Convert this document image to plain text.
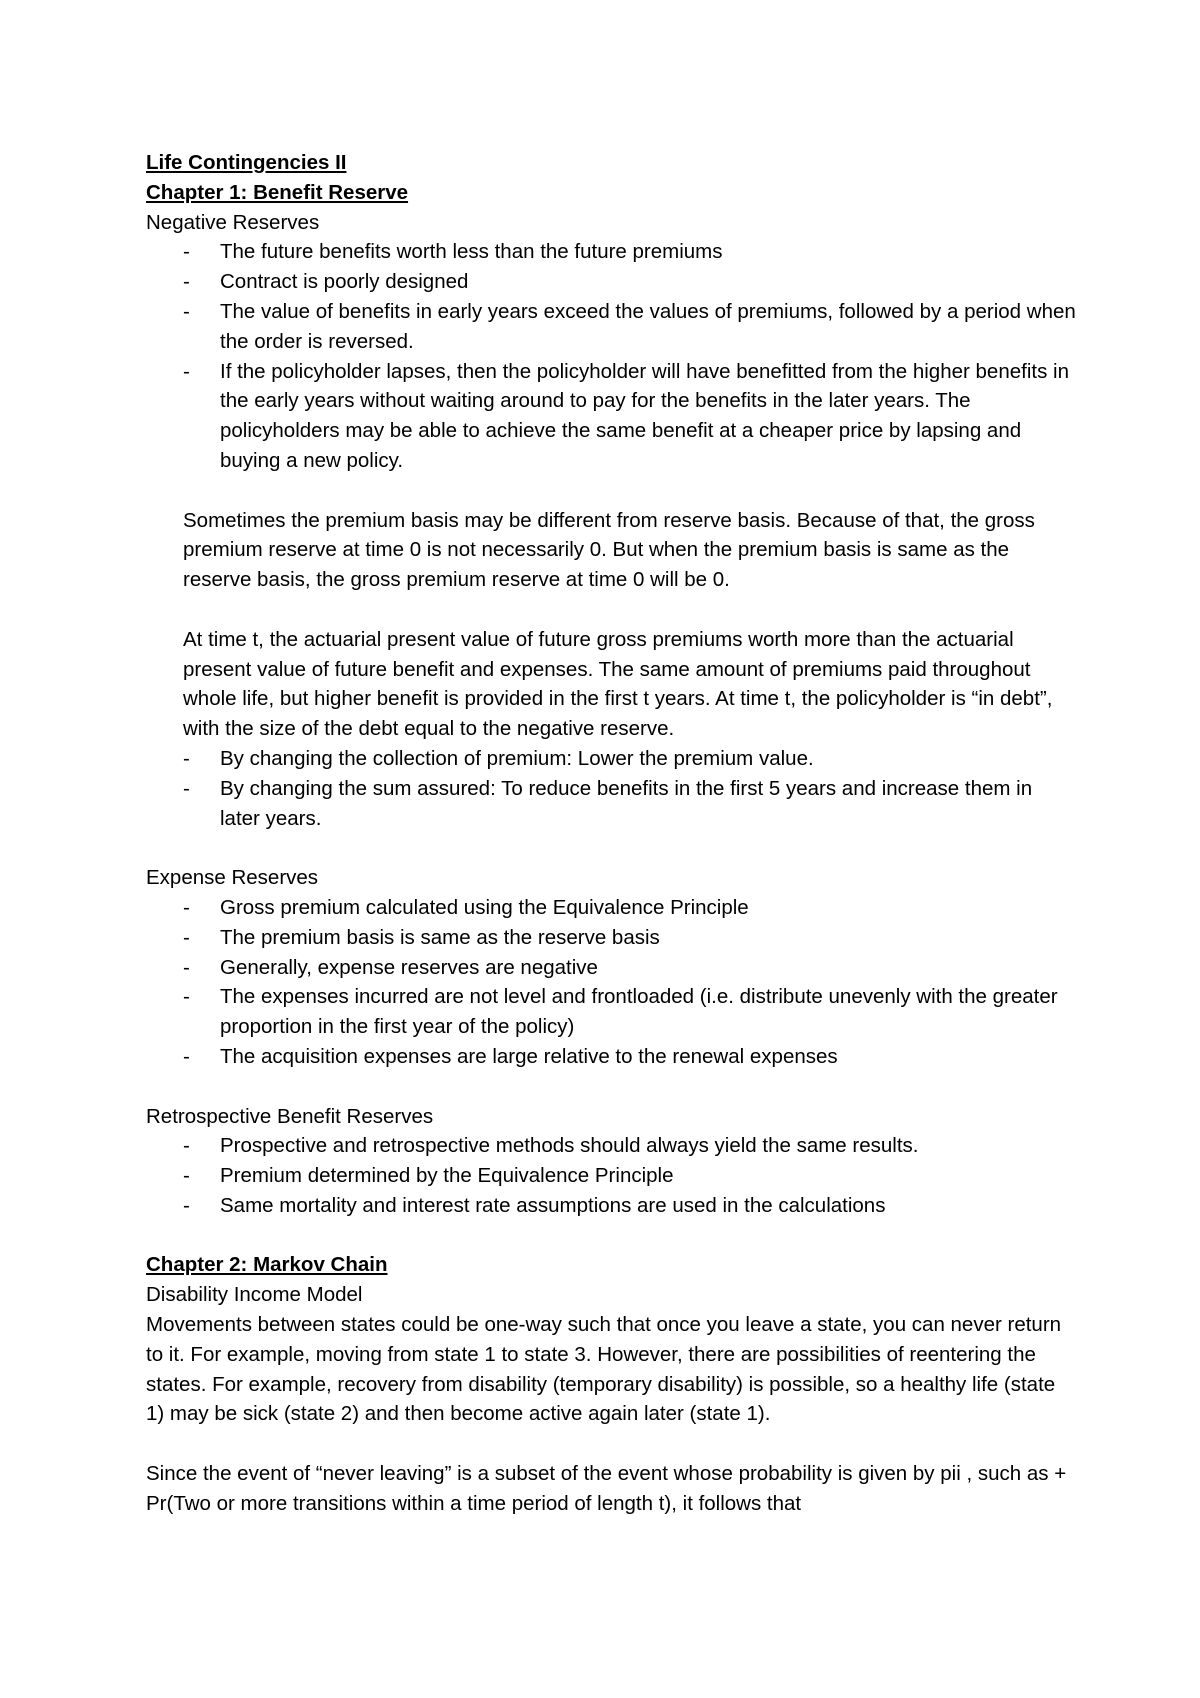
Life Contingencies II

Chapter 1: Benefit Reserve

Negative Reserves

- The future benefits worth less than the future premiums
- Contract is poorly designed
- The value of benefits in early years exceed the values of premiums, followed by a period when the order is reversed.
- If the policyholder lapses, then the policyholder will have benefitted from the higher benefits in the early years without waiting around to pay for the benefits in the later years. The policyholders may be able to achieve the same benefit at a cheaper price by lapsing and buying a new policy.

Sometimes the premium basis may be different from reserve basis. Because of that, the gross premium reserve at time 0 is not necessarily 0. But when the premium basis is same as the reserve basis, the gross premium reserve at time 0 will be 0.

At time t, the actuarial present value of future gross premiums worth more than the actuarial present value of future benefit and expenses. The same amount of premiums paid throughout whole life, but higher benefit is provided in the first t years. At time t, the policyholder is “in debt”, with the size of the debt equal to the negative reserve.

- By changing the collection of premium: Lower the premium value.
- By changing the sum assured: To reduce benefits in the first 5 years and increase them in later years.

Expense Reserves

- Gross premium calculated using the Equivalence Principle
- The premium basis is same as the reserve basis
- Generally, expense reserves are negative
- The expenses incurred are not level and frontloaded (i.e. distribute unevenly with the greater proportion in the first year of the policy)
- The acquisition expenses are large relative to the renewal expenses

Retrospective Benefit Reserves

- Prospective and retrospective methods should always yield the same results.
- Premium determined by the Equivalence Principle
- Same mortality and interest rate assumptions are used in the calculations

Chapter 2: Markov Chain

Disability Income Model

Movements between states could be one-way such that once you leave a state, you can never return to it. For example, moving from state 1 to state 3. However, there are possibilities of reentering the states. For example, recovery from disability (temporary disability) is possible, so a healthy life (state 1) may be sick (state 2) and then become active again later (state 1).

Since the event of “never leaving” is a subset of the event whose probability is given by pii , such as + Pr(Two or more transitions within a time period of length t), it follows that
